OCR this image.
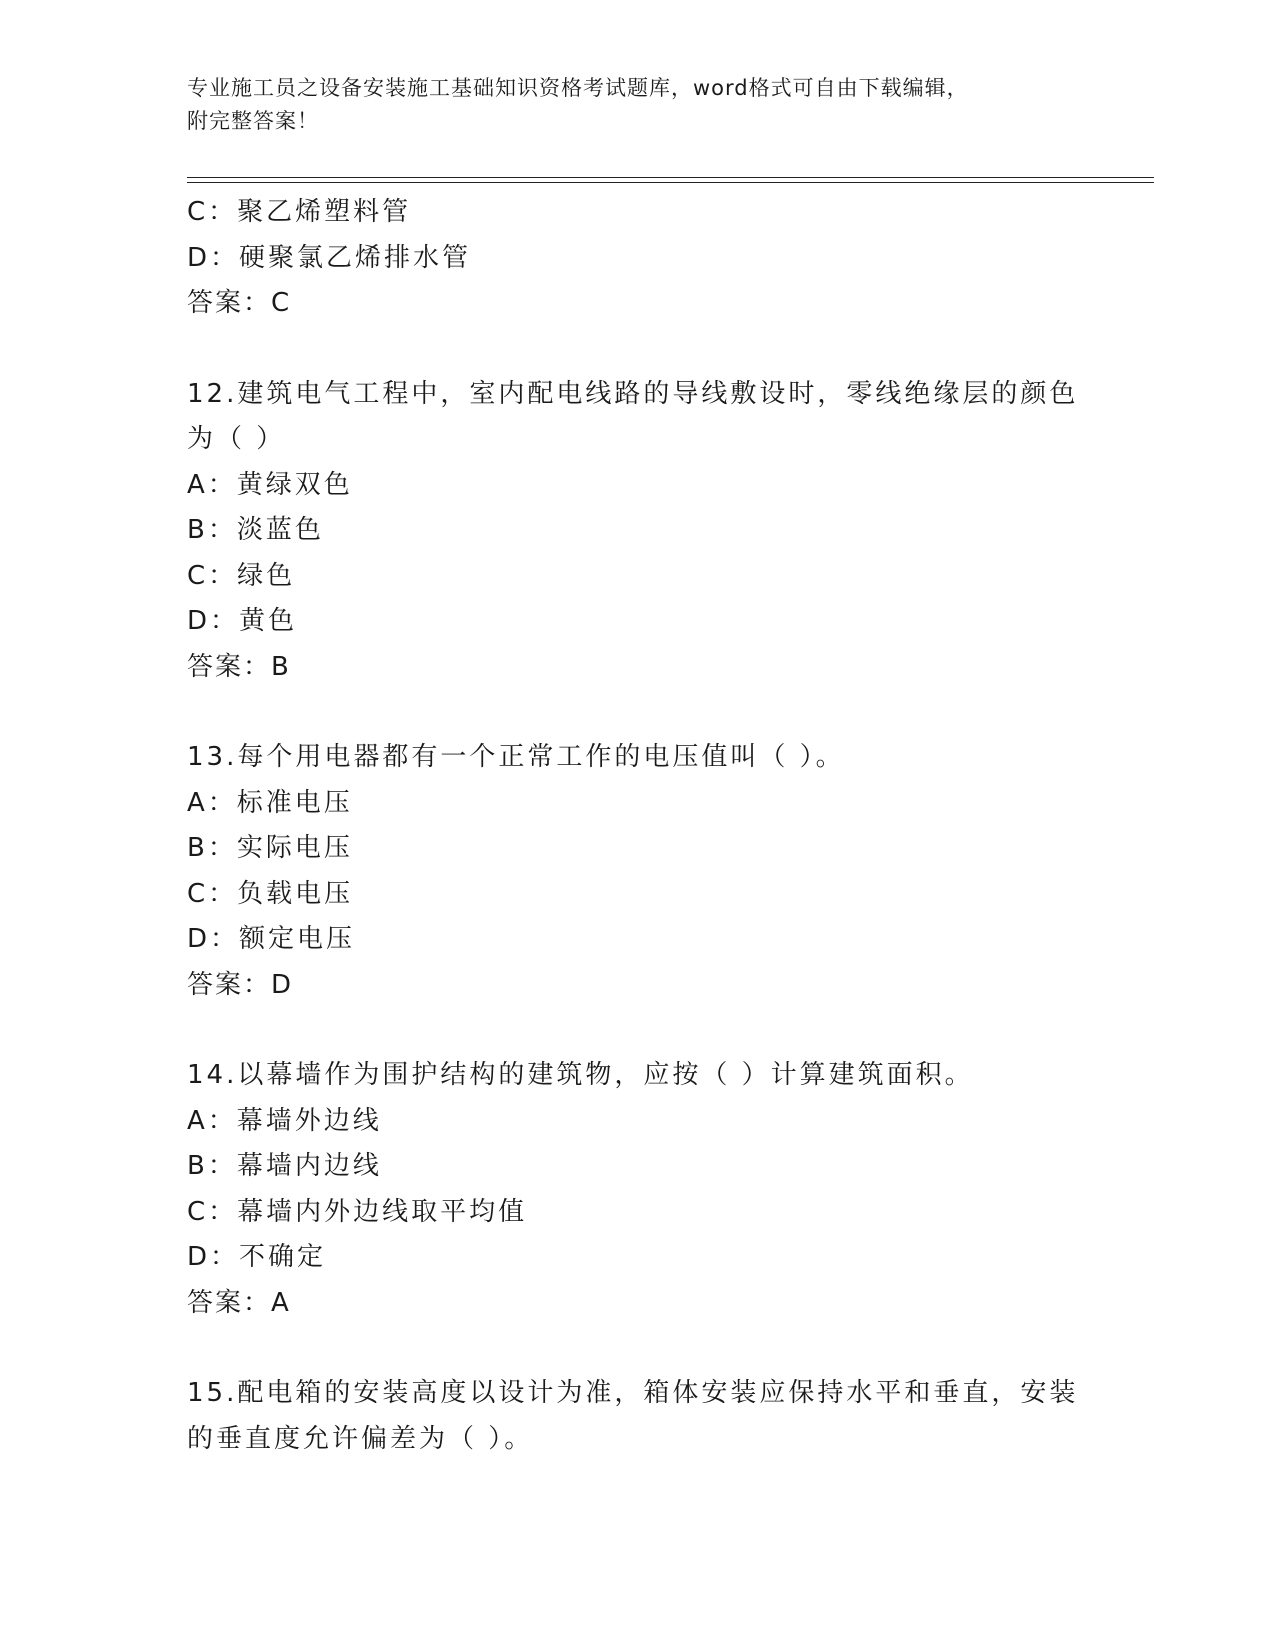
专业施工员之设备安装施工基础知识资格考试题库，word格式可自由下载编辑，
附完整答案！
C：聚乙烯塑料管
D：硬聚氯乙烯排水管
答案：C
12.建筑电气工程中，室内配电线路的导线敷设时，零线绝缘层的颜色
为（ ）
A：黄绿双色
B：淡蓝色
C：绿色
D：黄色
答案：B
13.每个用电器都有一个正常工作的电压值叫（ ）。
A：标准电压
B：实际电压
C：负载电压
D：额定电压
答案：D
14.以幕墙作为围护结构的建筑物，应按（ ）计算建筑面积。
A：幕墙外边线
B：幕墙内边线
C：幕墙内外边线取平均值
D：不确定
答案：A
15.配电箱的安装高度以设计为准，箱体安装应保持水平和垂直，安装
的垂直度允许偏差为（ ）。
